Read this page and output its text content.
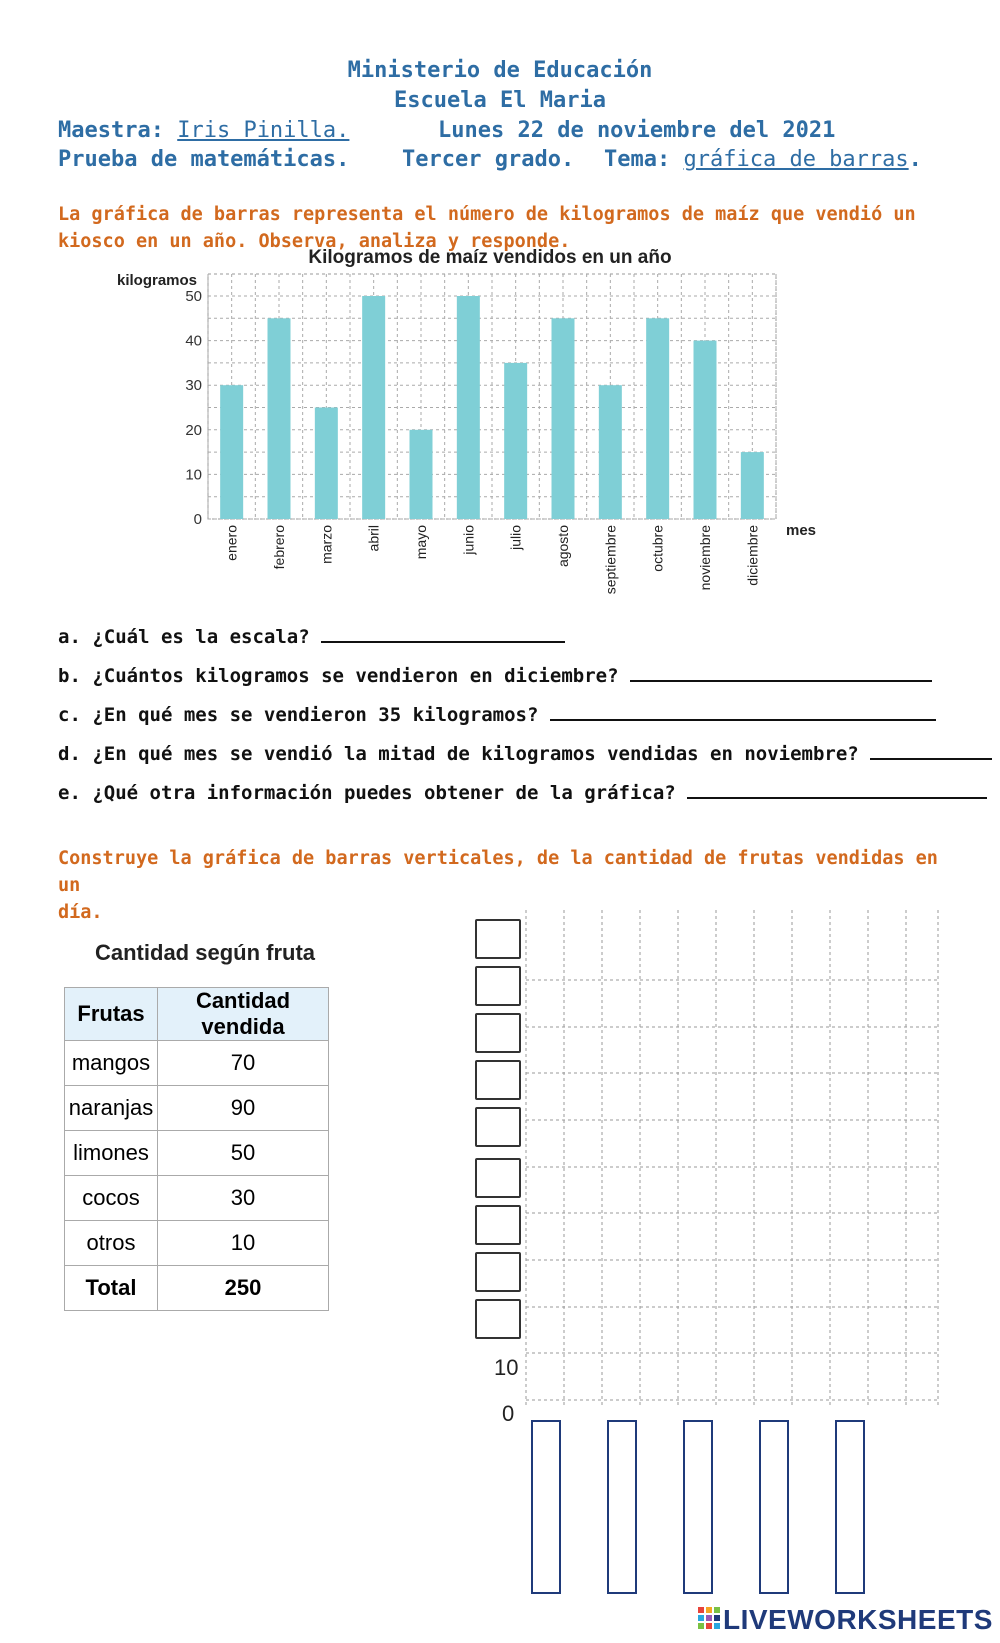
Ministerio de Educación
Escuela El Maria
Maestra: Iris Pinilla.	Lunes 22 de noviembre del 2021
Prueba de matemáticas. Tercer grado. Tema: gráfica de barras.
La gráfica de barras representa el número de kilogramos de maíz que vendió un
kiosco en un año. Observa, analiza y responde.
Kilogramos de maíz vendidos en un año
kilogramos
0
10
20
30
40
50
enero febrero marzo abril mayo junio julio agosto septiembre octubre noviembre diciembre mes
a. ¿Cuál es la escala?
b. ¿Cuántos kilogramos se vendieron en diciembre?
c. ¿En qué mes se vendieron 35 kilogramos?
d. ¿En qué mes se vendió la mitad de kilogramos vendidas en noviembre?
e. ¿Qué otra información puedes obtener de la gráfica?
Construye la gráfica de barras verticales, de la cantidad de frutas vendidas en un
día.
Cantidad según fruta
Frutas	Cantidad vendida
mangos	70
naranjas	90
limones	50
cocos	30
otros	10
Total	250
10
0
LIVEWORKSHEETS
